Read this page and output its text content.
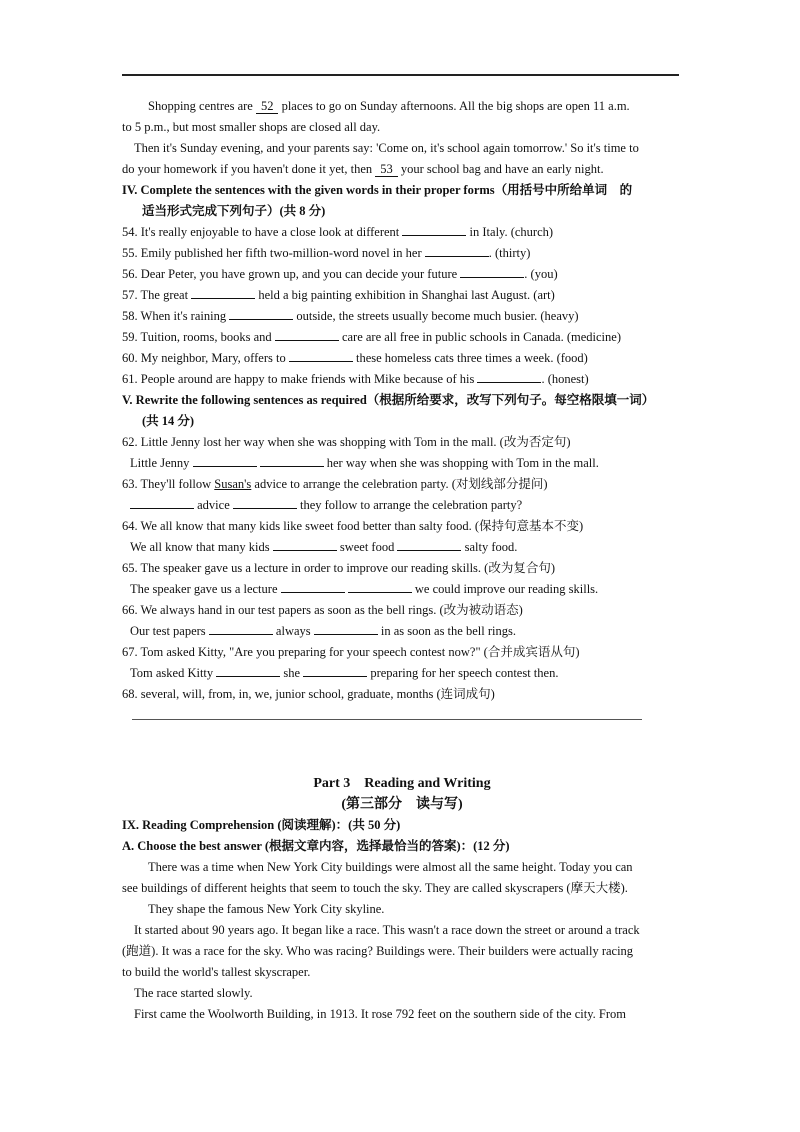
Shopping centres are 52 places to go on Sunday afternoons. All the big shops are open 11 a.m.
to 5 p.m., but most smaller shops are closed all day.
Then it's Sunday evening, and your parents say: 'Come on, it's school again tomorrow.' So it's time to
do your homework if you haven't done it yet, then 53 your school bag and have an early night.
IV. Complete the sentences with the given words in their proper forms（用括号中所给单词　的
适当形式完成下列句子）(共 8 分)
54. It's really enjoyable to have a close look at different	in Italy. (church)
55. Emily published her fifth two-million-word novel in her	. (thirty)
56. Dear Peter, you have grown up, and you can decide your future	. (you)
57. The great	held a big painting exhibition in Shanghai last August. (art)
58. When it's raining	outside, the streets usually become much busier. (heavy)
59. Tuition, rooms, books and	care are all free in public schools in Canada. (medicine)
60. My neighbor, Mary, offers to	these homeless cats three times a week. (food)
61. People around are happy to make friends with Mike because of his	. (honest)
V. Rewrite the following sentences as required（根据所给要求，改写下列句子。每空格限填一词）
(共 14 分)
62. Little Jenny lost her way when she was shopping with Tom in the mall. (改为否定句)
Little Jenny	her way when she was shopping with Tom in the mall.
63. They'll follow Susan's advice to arrange the celebration party. (对划线部分提问)
advice	they follow to arrange the celebration party?
64. We all know that many kids like sweet food better than salty food. (保持句意基本不变)
We all know that many kids	sweet food	salty food.
65. The speaker gave us a lecture in order to improve our reading skills. (改为复合句)
The speaker gave us a lecture	we could improve our reading skills.
66. We always hand in our test papers as soon as the bell rings. (改为被动语态)
Our test papers	always	in as soon as the bell rings.
67. Tom asked Kitty, "Are you preparing for your speech contest now?" (合并成宾语从句)
Tom asked Kitty	she	preparing for her speech contest then.
68. several, will, from, in, we, junior school, graduate, months (连词成句)
Part 3　Reading and Writing
(第三部分　读与写)
IX. Reading Comprehension (阅读理解)：(共 50 分)
A. Choose the best answer (根据文章内容，选择最恰当的答案)：(12 分)
There was a time when New York City buildings were almost all the same height. Today you can
see buildings of different heights that seem to touch the sky. They are called skyscrapers (摩天大楼).
They shape the famous New York City skyline.
It started about 90 years ago. It began like a race. This wasn't a race down the street or around a track
(跑道). It was a race for the sky. Who was racing? Buildings were. Their builders were actually racing
to build the world's tallest skyscraper.
The race started slowly.
First came the Woolworth Building, in 1913. It rose 792 feet on the southern side of the city. From
